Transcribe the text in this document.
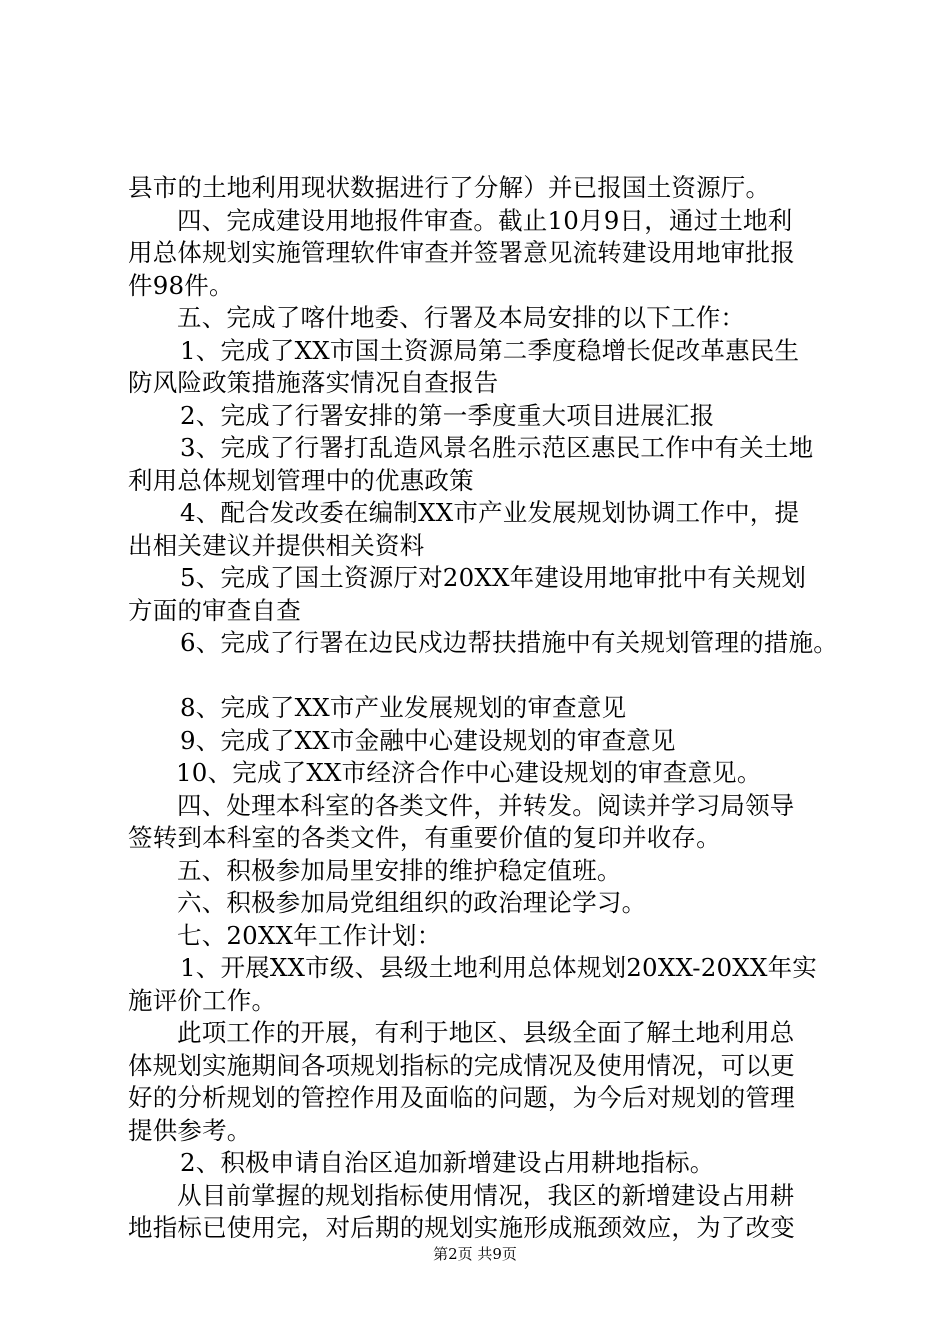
县市的土地利用现状数据进行了分解）并已报国土资源厅。
四、完成建设用地报件审查。截止10月9日，通过土地利
用总体规划实施管理软件审查并签署意见流转建设用地审批报
件98件。
五、完成了喀什地委、行署及本局安排的以下工作：
1、完成了XX市国土资源局第二季度稳增长促改革惠民生
防风险政策措施落实情况自查报告
2、完成了行署安排的第一季度重大项目进展汇报
3、完成了行署打乱造风景名胜示范区惠民工作中有关土地
利用总体规划管理中的优惠政策
4、配合发改委在编制XX市产业发展规划协调工作中，提
出相关建议并提供相关资料
5、完成了国土资源厅对20XX年建设用地审批中有关规划
方面的审查自查
6、完成了行署在边民戍边帮扶措施中有关规划管理的措施。
8、完成了XX市产业发展规划的审查意见
9、完成了XX市金融中心建设规划的审查意见
10、完成了XX市经济合作中心建设规划的审查意见。
四、处理本科室的各类文件，并转发。阅读并学习局领导
签转到本科室的各类文件，有重要价值的复印并收存。
五、积极参加局里安排的维护稳定值班。
六、积极参加局党组组织的政治理论学习。
七、20XX年工作计划：
1、开展XX市级、县级土地利用总体规划20XX-20XX年实
施评价工作。
此项工作的开展，有利于地区、县级全面了解土地利用总
体规划实施期间各项规划指标的完成情况及使用情况，可以更
好的分析规划的管控作用及面临的问题，为今后对规划的管理
提供参考。
2、积极申请自治区追加新增建设占用耕地指标。
从目前掌握的规划指标使用情况，我区的新增建设占用耕
地指标已使用完，对后期的规划实施形成瓶颈效应，为了改变
第2页 共9页
